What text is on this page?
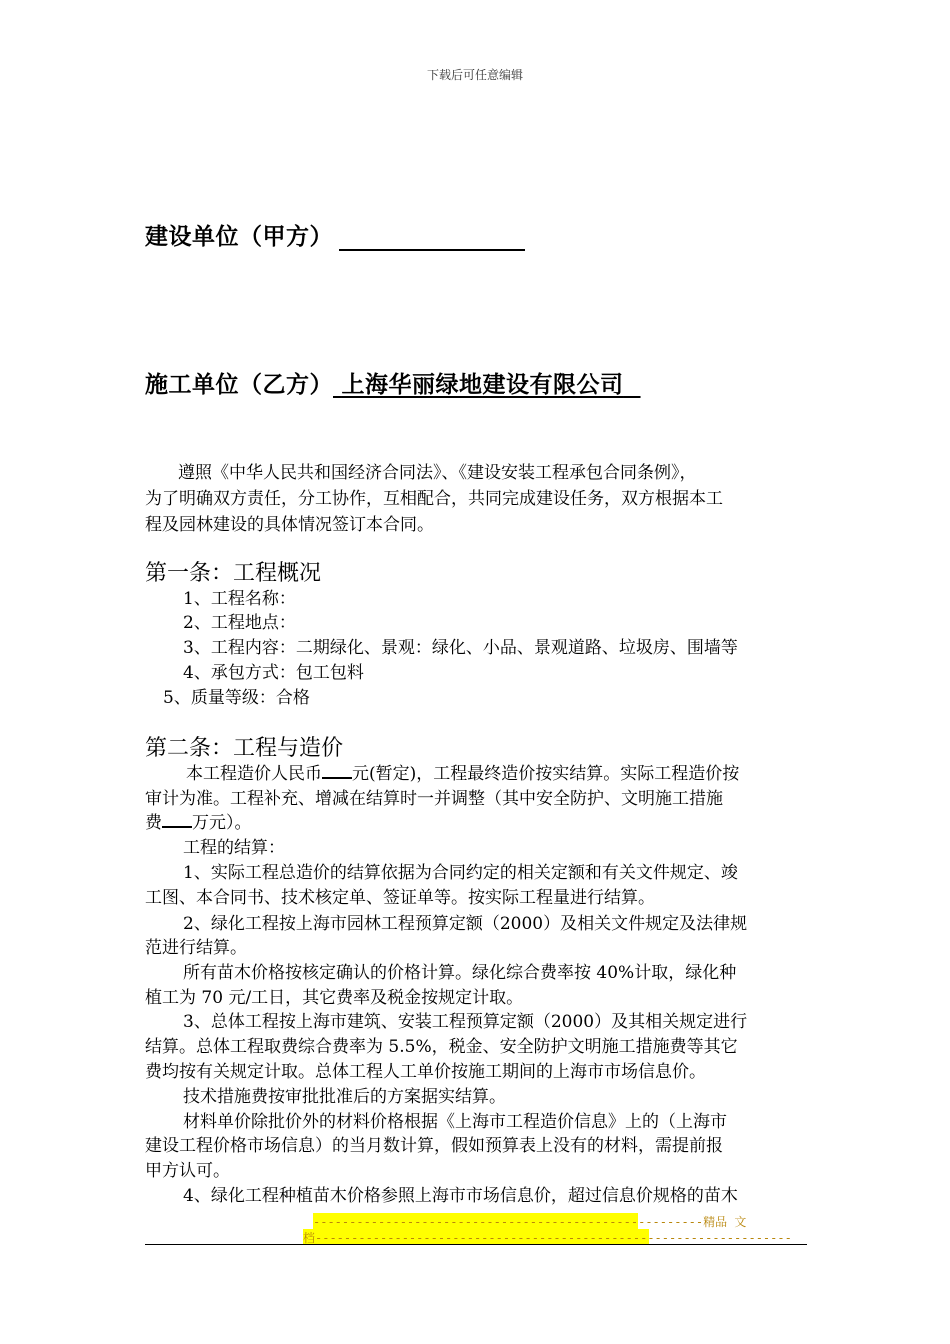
下载后可任意编辑
建设单位（甲方）
施工单位（乙方） 上海华丽绿地建设有限公司
遵照《中华人民共和国经济合同法》、《建设安装工程承包合同条例》，
为了明确双方责任，分工协作，互相配合，共同完成建设任务，双方根据本工
程及园林建设的具体情况签订本合同。
第一条：工程概况
1、工程名称：
2、工程地点：
3、工程内容：二期绿化、景观：绿化、小品、景观道路、垃圾房、围墙等
4、承包方式：包工包料
5、质量等级：合格
第二条：工程与造价
本工程造价人民币 元(暂定)，工程最终造价按实结算。实际工程造价按
审计为准。工程补充、增减在结算时一并调整（其中安全防护、文明施工措施
费 万元）。
工程的结算：
1、实际工程总造价的结算依据为合同约定的相关定额和有关文件规定、竣
工图、本合同书、技术核定单、签证单等。按实际工程量进行结算。
2、绿化工程按上海市园林工程预算定额（2000）及相关文件规定及法律规
范进行结算。
所有苗木价格按核定确认的价格计算。绿化综合费率按 40%计取，绿化种
植工为 70 元/工日，其它费率及税金按规定计取。
3、总体工程按上海市建筑、安装工程预算定额（2000）及其相关规定进行
结算。总体工程取费综合费率为 5.5%，税金、安全防护文明施工措施费等其它
费均按有关规定计取。总体工程人工单价按施工期间的上海市市场信息价。
技术措施费按审批批准后的方案据实结算。
材料单价除批价外的材料价格根据《上海市工程造价信息》上的（上海市
建设工程价格市场信息）的当月数计算，假如预算表上没有的材料，需提前报
甲方认可。
4、绿化工程种植苗木价格参照上海市市场信息价，超过信息价规格的苗木
------------------------------------------------------精品 文
档------------------------------------------------------------------
